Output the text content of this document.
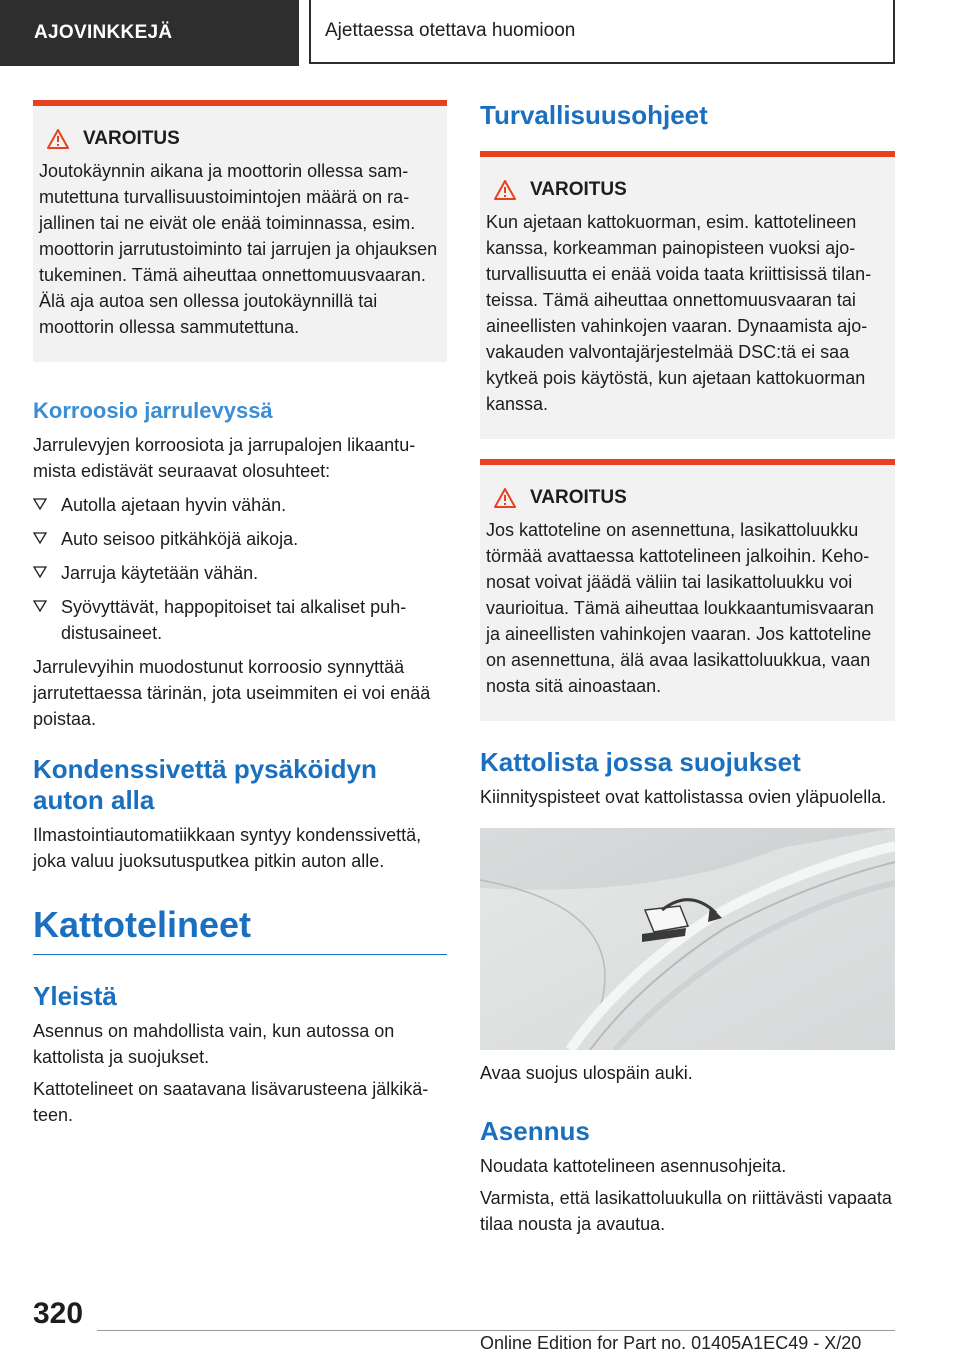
AJOVINKKEJÄ	Ajettaessa otettava huomioon
VAROITUS
Joutokäynnin aikana ja moottorin ollessa sammutettuna turvallisuustoimintojen määrä on rajallinen tai ne eivät ole enää toiminnassa, esim. moottorin jarrutustoiminto tai jarrujen ja ohjauksen tukeminen. Tämä aiheuttaa onnettomuusvaaran. Älä aja autoa sen ollessa joutokäynnillä tai moottorin ollessa sammutettuna.
Korroosio jarrulevyssä

Jarrulevyjen korroosiota ja jarrupalojen likaantumista edistävät seuraavat olosuhteet:

Autolla ajetaan hyvin vähän.
Auto seisoo pitkähköjä aikoja.
Jarruja käytetään vähän.
Syövyttävät, happopitoiset tai alkaliset puhdistusaineet.

Jarrulevyihin muodostunut korroosio synnyttää jarrutettaessa tärinän, jota useimmiten ei voi enää poistaa.

Kondenssivettä pysäköidyn auton alla

Ilmastointiautomatiikkaan syntyy kondenssivettä, joka valuu juoksutusputkea pitkin auton alle.

Kattotelineet
Yleistä

Asennus on mahdollista vain, kun autossa on kattolista ja suojukset.

Kattotelineet on saatavana lisävarusteena jälkikäteen.

Turvallisuusohjeet
VAROITUS
Kun ajetaan kattokuorman, esim. kattotelineen kanssa, korkeamman painopisteen vuoksi ajoturvallisuutta ei enää voida taata kriittisissä tilanteissa. Tämä aiheuttaa onnettomuusvaaran tai aineellisten vahinkojen vaaran. Dynaamista ajovakauden valvontajärjestelmää DSC:tä ei saa kytkeä pois käytöstä, kun ajetaan kattokuorman kanssa.
VAROITUS
Jos kattoteline on asennettuna, lasikattoluukku törmää avattaessa kattotelineen jalkoihin. Kehonosat voivat jäädä väliin tai lasikattoluukku voi vaurioitua. Tämä aiheuttaa loukkaantumisvaaran ja aineellisten vahinkojen vaaran. Jos kattoteline on asennettuna, älä avaa lasikattoluukkua, vaan nosta sitä ainoastaan.
Kattolista jossa suojukset

Kiinnityspisteet ovat kattolistassa ovien yläpuolella.

Avaa suojus ulospäin auki.

Asennus

Noudata kattotelineen asennusohjeita.

Varmista, että lasikattoluukulla on riittävästi vapaata tilaa nousta ja avautua.

320
Online Edition for Part no. 01405A1EC49 - X/20
